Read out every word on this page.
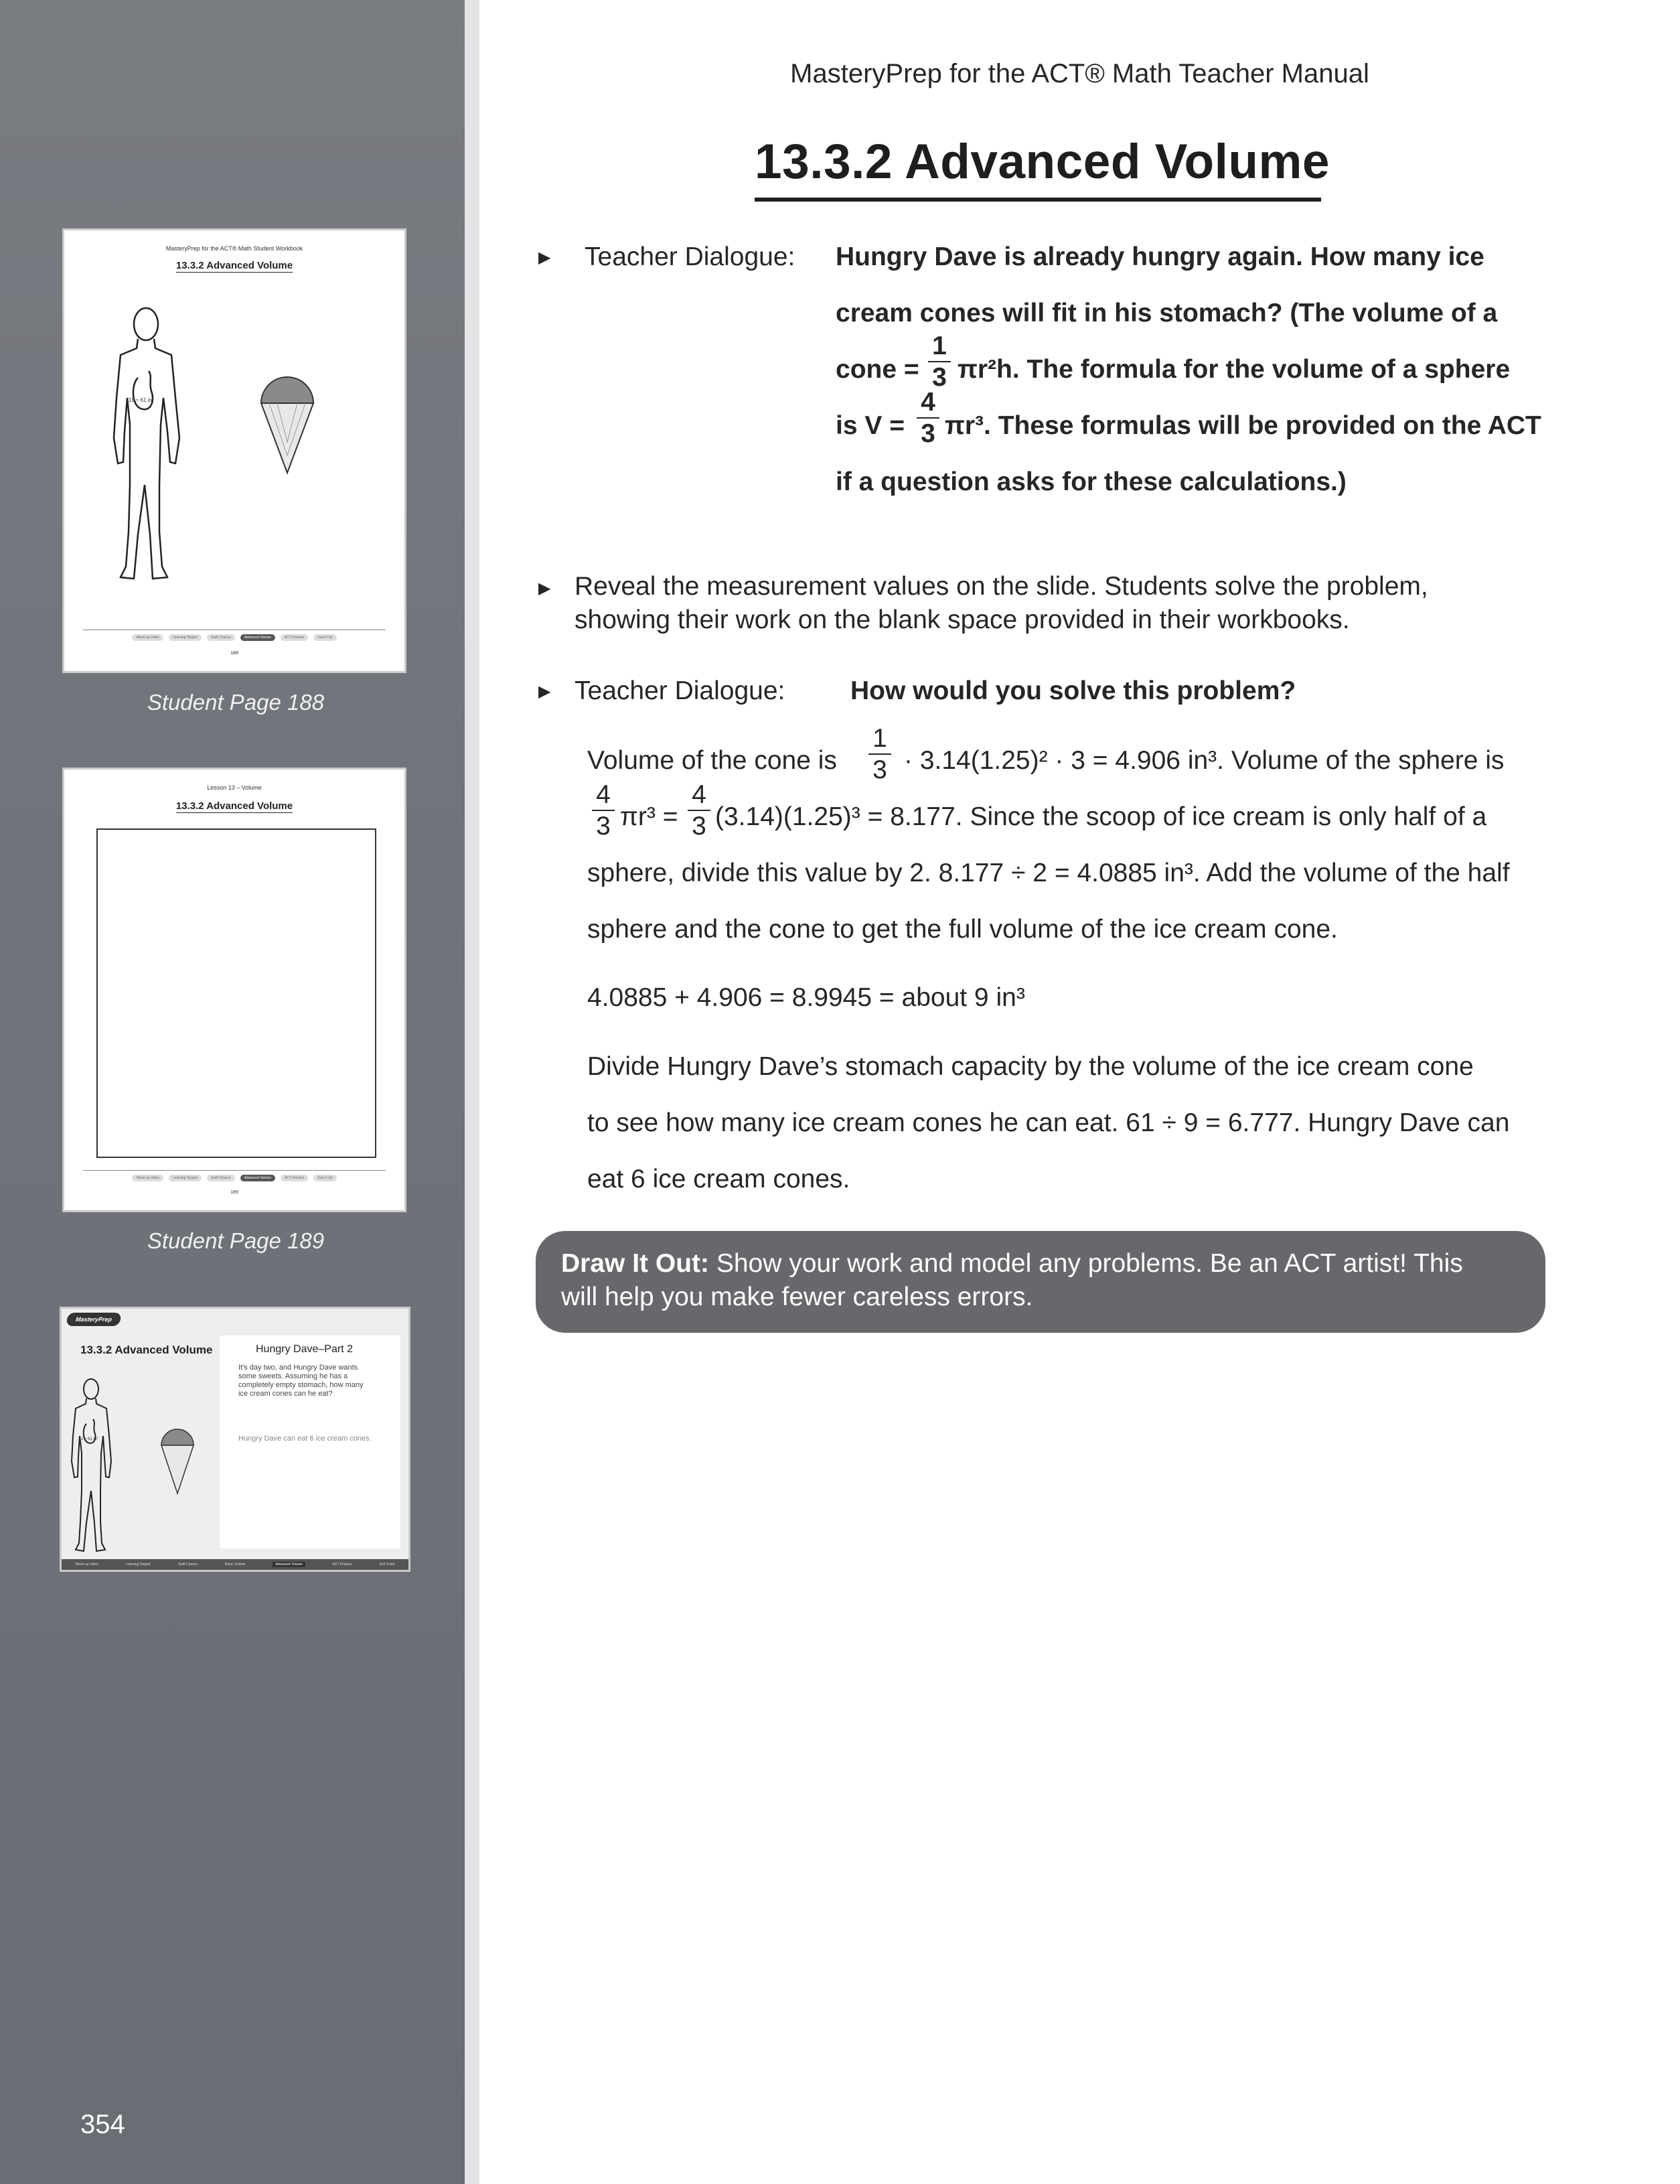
MasteryPrep for the ACT® Math Student Workbook
13.3.2 Advanced Volume
1L ≈ 61 in³
Warm-up Video	Learning Targets	Swift Chance	Advanced Volume	ACT Practice	Sum It Up
188
Student Page 188
Lesson 13 – Volume
13.3.2 Advanced Volume
Warm-up Video	Learning Targets	Swift Chance	Advanced Volume	ACT Practice	Sum It Up
189
Student Page 189
MasteryPrep
13.3.2 Advanced Volume	Hungry Dave–Part 2
It's day two, and Hungry Dave wants some sweets. Assuming he has a completely empty stomach, how many ice cream cones can he eat?
Hungry Dave can eat 6 ice cream cones.
1L ≈ 61 in³
Warm-up Video	Learning Targets	Swift Chance	Basic Volume	Advanced Volume	ACT Practice	Exit Ticket
354
MasteryPrep for the ACT® Math Teacher Manual
13.3.2 Advanced Volume
▶ Teacher Dialogue: Hungry Dave is already hungry again. How many ice
cream cones will fit in his stomach? (The volume of a
cone =
1
3 πr²h. The formula for the volume of a sphere
is V =
4
3 πr³. These formulas will be provided on the ACT
if a question asks for these calculations.)
▶ Reveal the measurement values on the slide. Students solve the problem,
showing their work on the blank space provided in their workbooks.
▶ Teacher Dialogue:	How would you solve this problem?
Volume of the cone is
1
3 · 3.14(1.25)² · 3 = 4.906 in³. Volume of the sphere is
4
3 πr³ =
4
3 (3.14)(1.25)³ = 8.177. Since the scoop of ice cream is only half of a
sphere, divide this value by 2. 8.177 ÷ 2 = 4.0885 in³. Add the volume of the half
sphere and the cone to get the full volume of the ice cream cone.
4.0885 + 4.906 = 8.9945 = about 9 in³
Divide Hungry Dave’s stomach capacity by the volume of the ice cream cone
to see how many ice cream cones he can eat. 61 ÷ 9 = 6.777. Hungry Dave can
eat 6 ice cream cones.
Draw It Out: Show your work and model any problems. Be an ACT artist! This
will help you make fewer careless errors.
